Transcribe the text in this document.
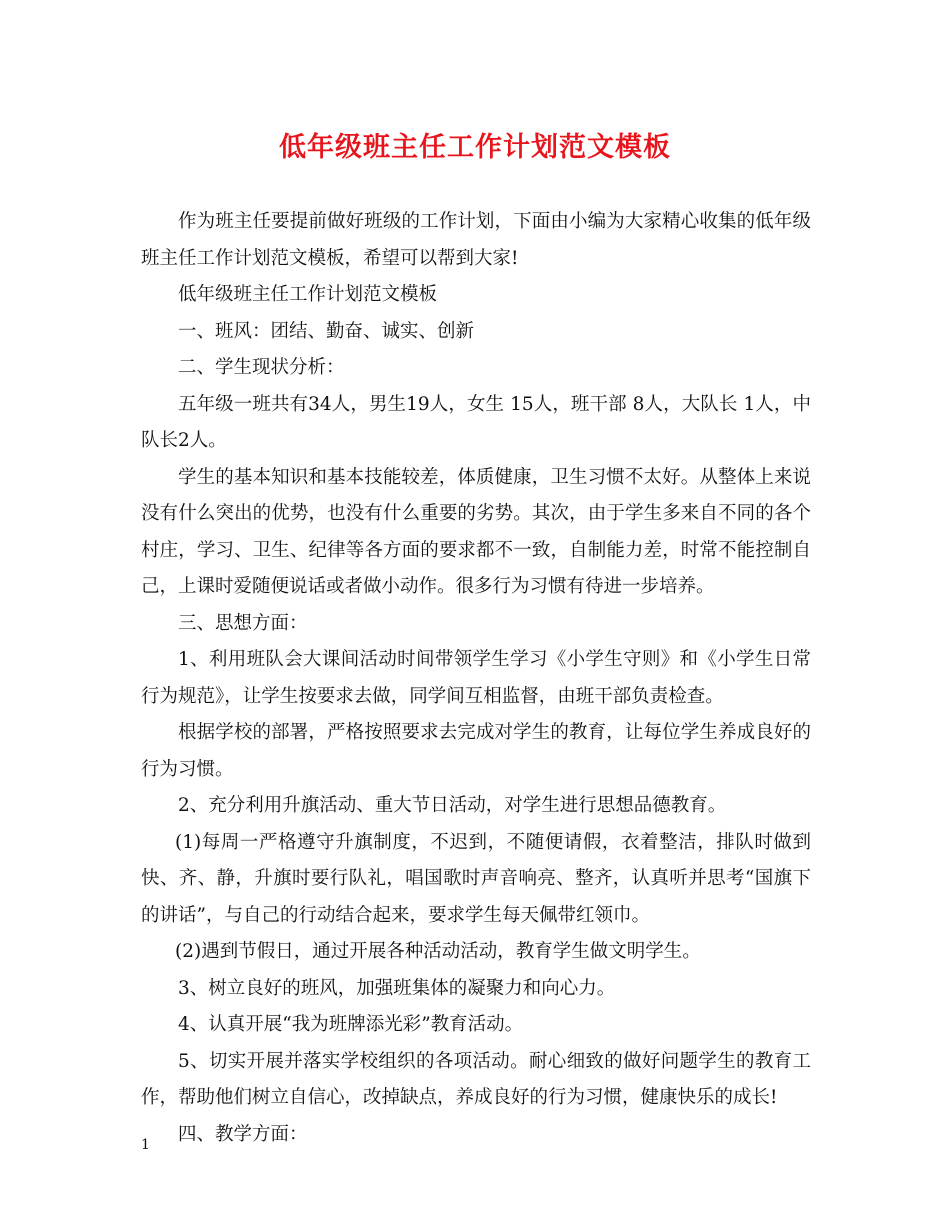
低年级班主任工作计划范文模板

作为班主任要提前做好班级的工作计划，下面由小编为大家精心收集的低年级班主任工作计划范文模板，希望可以帮到大家!

低年级班主任工作计划范文模板

一、班风：团结、勤奋、诚实、创新

二、学生现状分析：

五年级一班共有34人，男生19人，女生 15人，班干部 8人，大队长 1人，中队长2人。

学生的基本知识和基本技能较差，体质健康，卫生习惯不太好。从整体上来说没有什么突出的优势，也没有什么重要的劣势。其次，由于学生多来自不同的各个村庄，学习、卫生、纪律等各方面的要求都不一致，自制能力差，时常不能控制自己，上课时爱随便说话或者做小动作。很多行为习惯有待进一步培养。

三、思想方面：

1、利用班队会大课间活动时间带领学生学习《小学生守则》和《小学生日常行为规范》，让学生按要求去做，同学间互相监督，由班干部负责检查。

根据学校的部署，严格按照要求去完成对学生的教育，让每位学生养成良好的行为习惯。

2、充分利用升旗活动、重大节日活动，对学生进行思想品德教育。

(1)每周一严格遵守升旗制度，不迟到，不随便请假，衣着整洁，排队时做到快、齐、静，升旗时要行队礼，唱国歌时声音响亮、整齐，认真听并思考“国旗下的讲话”，与自己的行动结合起来，要求学生每天佩带红领巾。

(2)遇到节假日，通过开展各种活动活动，教育学生做文明学生。

3、树立良好的班风，加强班集体的凝聚力和向心力。

4、认真开展“我为班牌添光彩”教育活动。

5、切实开展并落实学校组织的各项活动。耐心细致的做好问题学生的教育工作，帮助他们树立自信心，改掉缺点，养成良好的行为习惯，健康快乐的成长!

四、教学方面：

1
